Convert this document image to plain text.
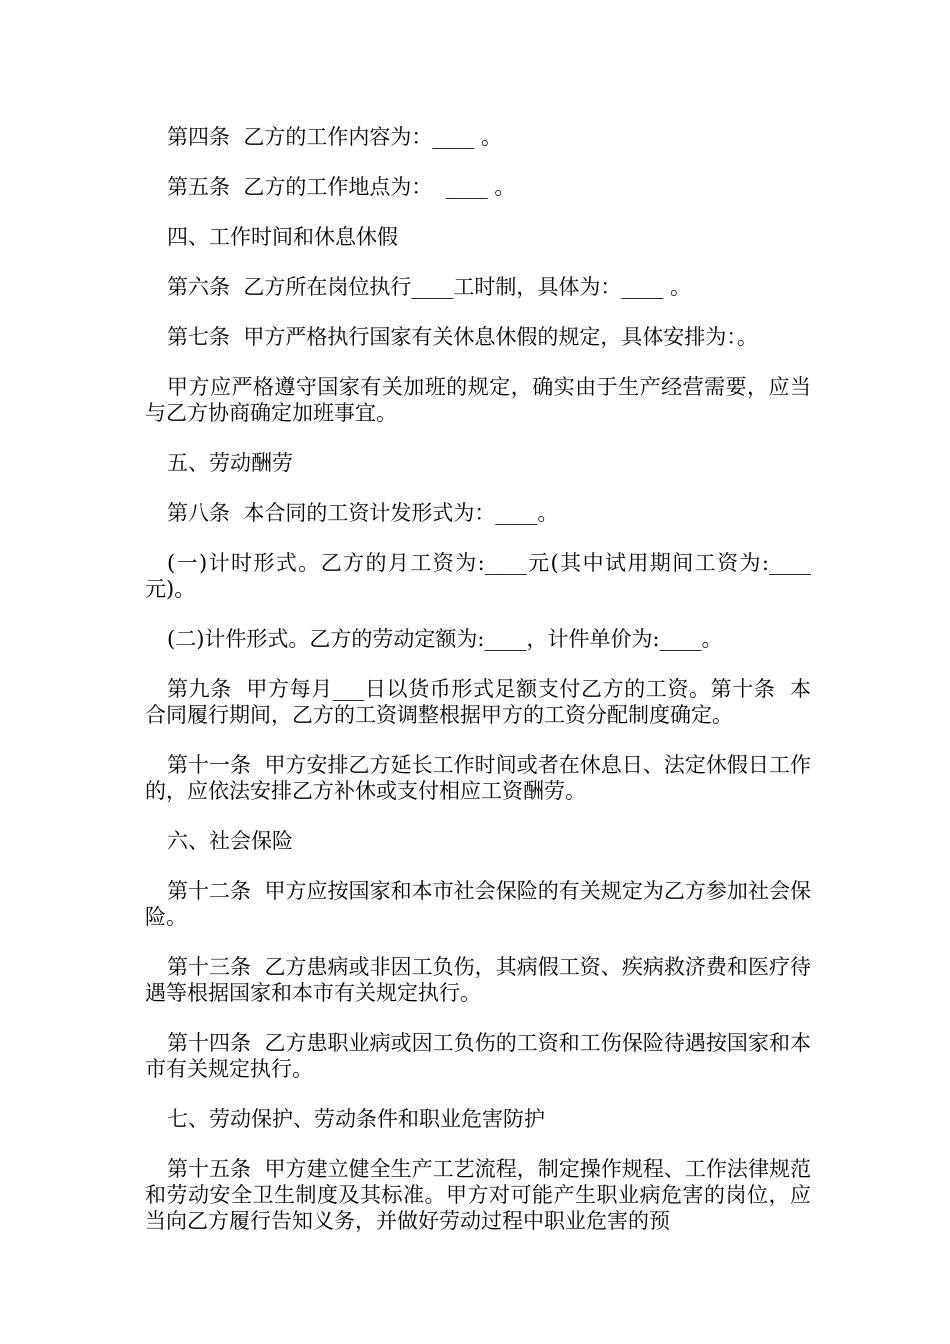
第四条  乙方的工作内容为：____ 。

第五条  乙方的工作地点为：  ____ 。

四、工作时间和休息休假

第六条  乙方所在岗位执行____工时制，具体为：____ 。

第七条  甲方严格执行国家有关休息休假的规定，具体安排为：。

甲方应严格遵守国家有关加班的规定，确实由于生产经营需要，应当与乙方协商确定加班事宜。

五、劳动酬劳

第八条  本合同的工资计发形式为：____。

(一)计时形式。乙方的月工资为:____元(其中试用期间工资为:____元)。

(二)计件形式。乙方的劳动定额为:____，计件单价为:____。

第九条  甲方每月___日以货币形式足额支付乙方的工资。第十条  本合同履行期间，乙方的工资调整根据甲方的工资分配制度确定。

第十一条  甲方安排乙方延长工作时间或者在休息日、法定休假日工作的，应依法安排乙方补休或支付相应工资酬劳。

六、社会保险

第十二条  甲方应按国家和本市社会保险的有关规定为乙方参加社会保险。

第十三条  乙方患病或非因工负伤，其病假工资、疾病救济费和医疗待遇等根据国家和本市有关规定执行。

第十四条  乙方患职业病或因工负伤的工资和工伤保险待遇按国家和本市有关规定执行。

七、劳动保护、劳动条件和职业危害防护

第十五条  甲方建立健全生产工艺流程，制定操作规程、工作法律规范和劳动安全卫生制度及其标准。甲方对可能产生职业病危害的岗位，应当向乙方履行告知义务，并做好劳动过程中职业危害的预
